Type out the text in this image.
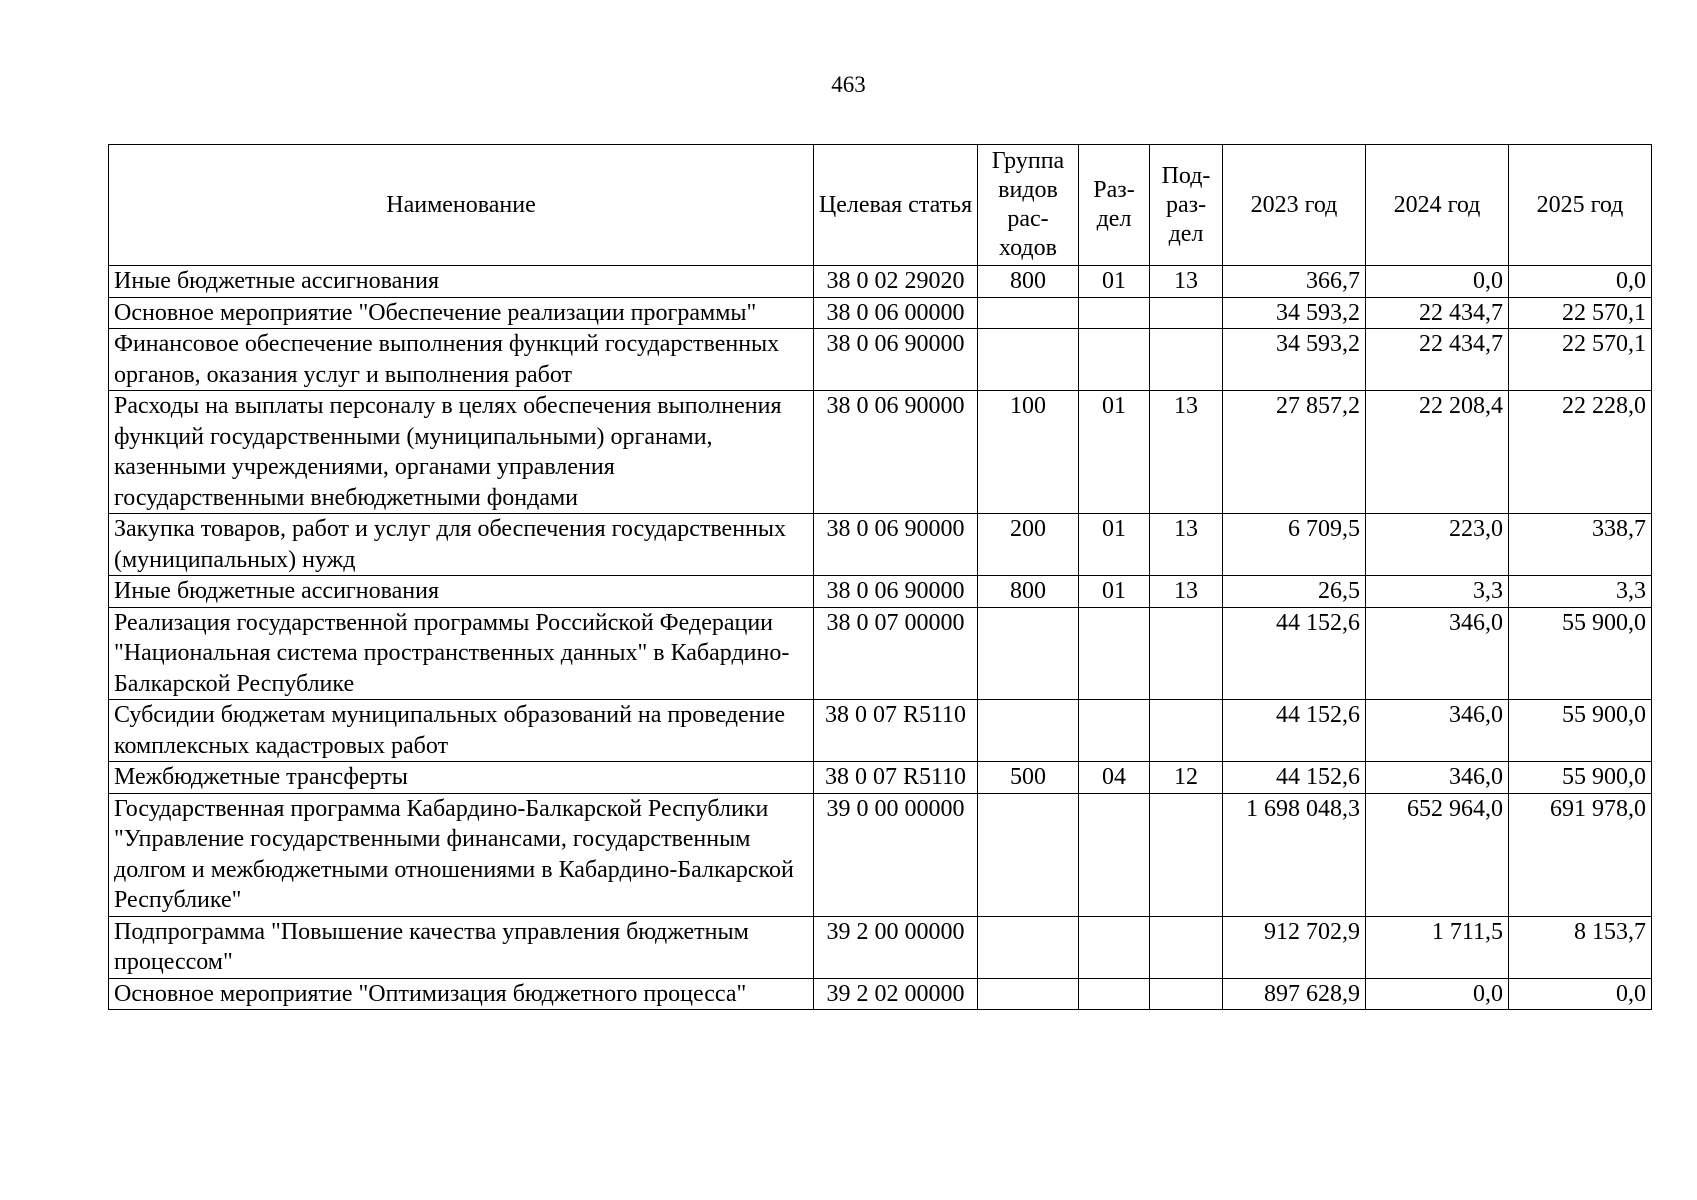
463
Наименование	Целевая статья	Группа видов рас-ходов	Раз-дел	Под-раз-дел	2023 год	2024 год	2025 год
Иные бюджетные ассигнования	38 0 02 29020	800	01	13	366,7	0,0	0,0
Основное мероприятие "Обеспечение реализации программы"	38 0 06 00000				34 593,2	22 434,7	22 570,1
Финансовое обеспечение выполнения функций государственных органов, оказания услуг и выполнения работ	38 0 06 90000				34 593,2	22 434,7	22 570,1
Расходы на выплаты персоналу в целях обеспечения выполнения функций государственными (муниципальными) органами, казенными учреждениями, органами управления государственными внебюджетными фондами	38 0 06 90000	100	01	13	27 857,2	22 208,4	22 228,0
Закупка товаров, работ и услуг для обеспечения государственных (муниципальных) нужд	38 0 06 90000	200	01	13	6 709,5	223,0	338,7
Иные бюджетные ассигнования	38 0 06 90000	800	01	13	26,5	3,3	3,3
Реализация государственной программы Российской Федерации "Национальная система пространственных данных" в Кабардино-Балкарской Республике	38 0 07 00000				44 152,6	346,0	55 900,0
Субсидии бюджетам муниципальных образований на проведение комплексных кадастровых работ	38 0 07 R5110				44 152,6	346,0	55 900,0
Межбюджетные трансферты	38 0 07 R5110	500	04	12	44 152,6	346,0	55 900,0
Государственная программа Кабардино-Балкарской Республики "Управление государственными финансами, государственным долгом и межбюджетными отношениями в Кабардино-Балкарской Республике"	39 0 00 00000				1 698 048,3	652 964,0	691 978,0
Подпрограмма "Повышение качества управления бюджетным процессом"	39 2 00 00000				912 702,9	1 711,5	8 153,7
Основное мероприятие "Оптимизация бюджетного процесса"	39 2 02 00000				897 628,9	0,0	0,0
